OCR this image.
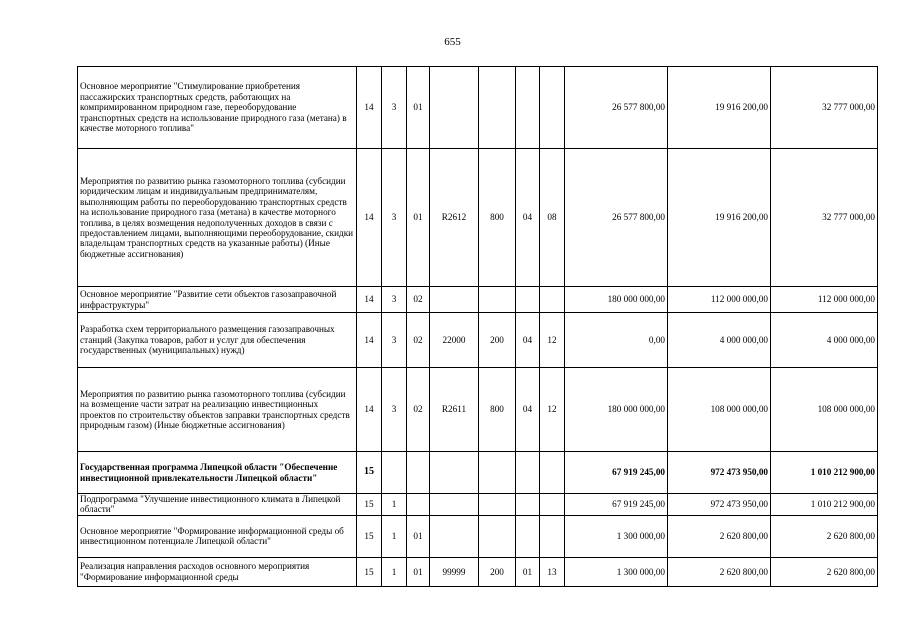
655
Основное мероприятие "Стимулирование приобретения пассажирских транспортных средств, работающих на компримированном природном газе, переоборудование транспортных средств на использование природного газа (метана) в качестве моторного топлива"	14	3	01					26 577 800,00	19 916 200,00	32 777 000,00
Мероприятия по развитию рынка газомоторного топлива (субсидии юридическим лицам и индивидуальным предпринимателям, выполняющим работы по переоборудованию транспортных средств на использование природного газа (метана) в качестве моторного топлива, в целях возмещения недополученных доходов в связи с предоставлением лицами, выполняющими переоборудование, скидки владельцам транспортных средств на указанные работы) (Иные бюджетные ассигнования)	14	3	01	R2612	800	04	08	26 577 800,00	19 916 200,00	32 777 000,00
Основное мероприятие "Развитие сети объектов газозаправочной инфраструктуры"	14	3	02					180 000 000,00	112 000 000,00	112 000 000,00
Разработка схем территориального размещения газозаправочных станций (Закупка товаров, работ и услуг для обеспечения государственных (муниципальных) нужд)	14	3	02	22000	200	04	12	0,00	4 000 000,00	4 000 000,00
Мероприятия по развитию рынка газомоторного топлива (субсидии на возмещение части затрат на реализацию инвестиционных проектов по строительству объектов заправки транспортных средств природным газом) (Иные бюджетные ассигнования)	14	3	02	R2611	800	04	12	180 000 000,00	108 000 000,00	108 000 000,00
Государственная программа Липецкой области "Обеспечение инвестиционной привлекательности Липецкой области"	15							67 919 245,00	972 473 950,00	1 010 212 900,00
Подпрограмма "Улучшение инвестиционного климата в Липецкой области"	15	1						67 919 245,00	972 473 950,00	1 010 212 900,00
Основное мероприятие "Формирование информационной среды об инвестиционном потенциале Липецкой области"	15	1	01					1 300 000,00	2 620 800,00	2 620 800,00
Реализация направления расходов основного мероприятия "Формирование информационной среды	15	1	01	99999	200	01	13	1 300 000,00	2 620 800,00	2 620 800,00
